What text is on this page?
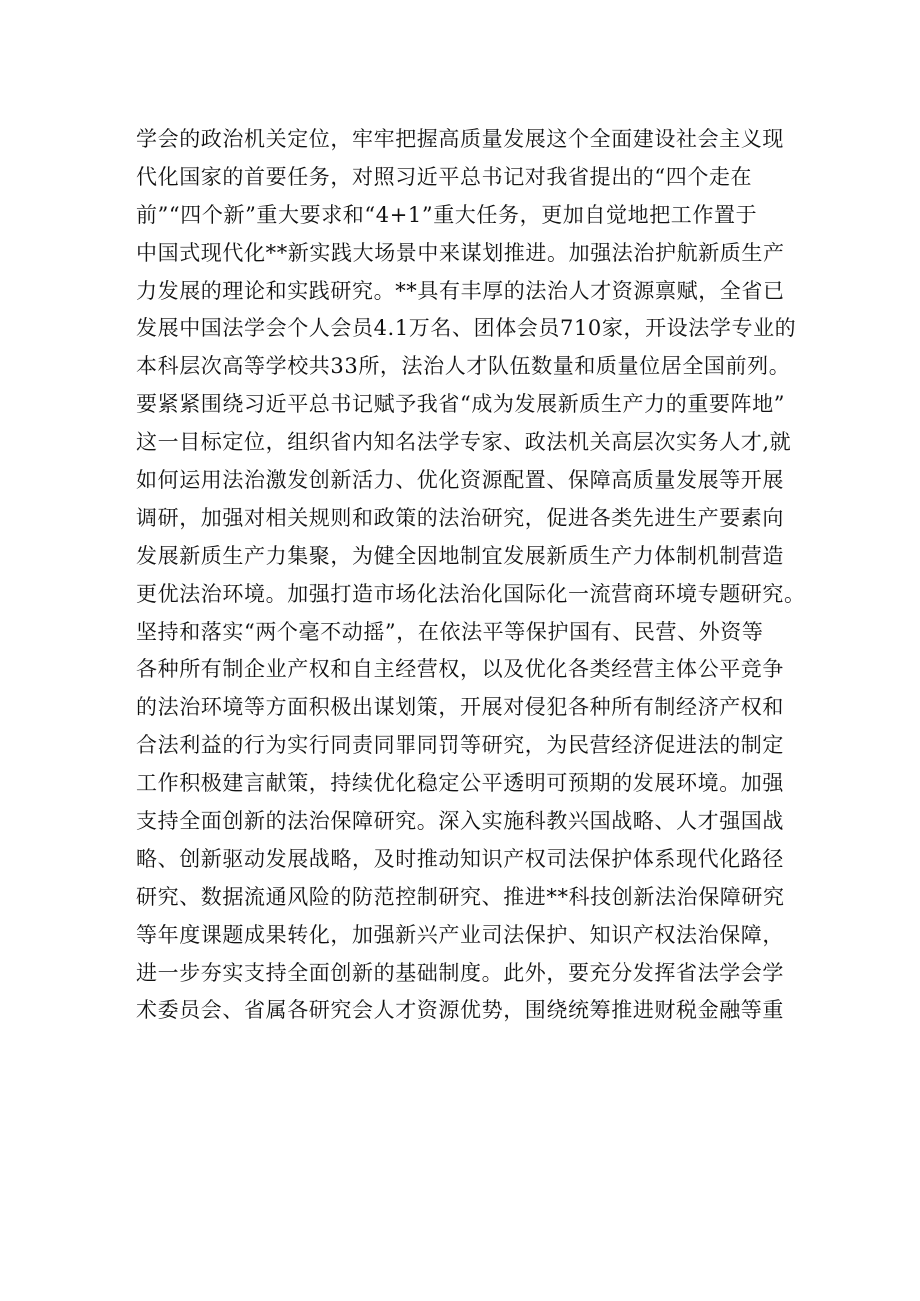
学会的政治机关定位，牢牢把握高质量发展这个全面建设社会主义现
代化国家的首要任务，对照习近平总书记对我省提出的“四个走在
前”“四个新”重大要求和“4+1”重大任务，更加自觉地把工作置于
中国式现代化**新实践大场景中来谋划推进。加强法治护航新质生产
力发展的理论和实践研究。**具有丰厚的法治人才资源禀赋，全省已
发展中国法学会个人会员4.1万名、团体会员710家，开设法学专业的
本科层次高等学校共33所，法治人才队伍数量和质量位居全国前列。
要紧紧围绕习近平总书记赋予我省“成为发展新质生产力的重要阵地”
这一目标定位，组织省内知名法学专家、政法机关高层次实务人才,就
如何运用法治激发创新活力、优化资源配置、保障高质量发展等开展
调研，加强对相关规则和政策的法治研究，促进各类先进生产要素向
发展新质生产力集聚，为健全因地制宜发展新质生产力体制机制营造
更优法治环境。加强打造市场化法治化国际化一流营商环境专题研究。
坚持和落实“两个毫不动摇”，在依法平等保护国有、民营、外资等
各种所有制企业产权和自主经营权，以及优化各类经营主体公平竞争
的法治环境等方面积极出谋划策，开展对侵犯各种所有制经济产权和
合法利益的行为实行同责同罪同罚等研究，为民营经济促进法的制定
工作积极建言献策，持续优化稳定公平透明可预期的发展环境。加强
支持全面创新的法治保障研究。深入实施科教兴国战略、人才强国战
略、创新驱动发展战略，及时推动知识产权司法保护体系现代化路径
研究、数据流通风险的防范控制研究、推进**科技创新法治保障研究
等年度课题成果转化，加强新兴产业司法保护、知识产权法治保障，
进一步夯实支持全面创新的基础制度。此外，要充分发挥省法学会学
术委员会、省属各研究会人才资源优势，围绕统筹推进财税金融等重
